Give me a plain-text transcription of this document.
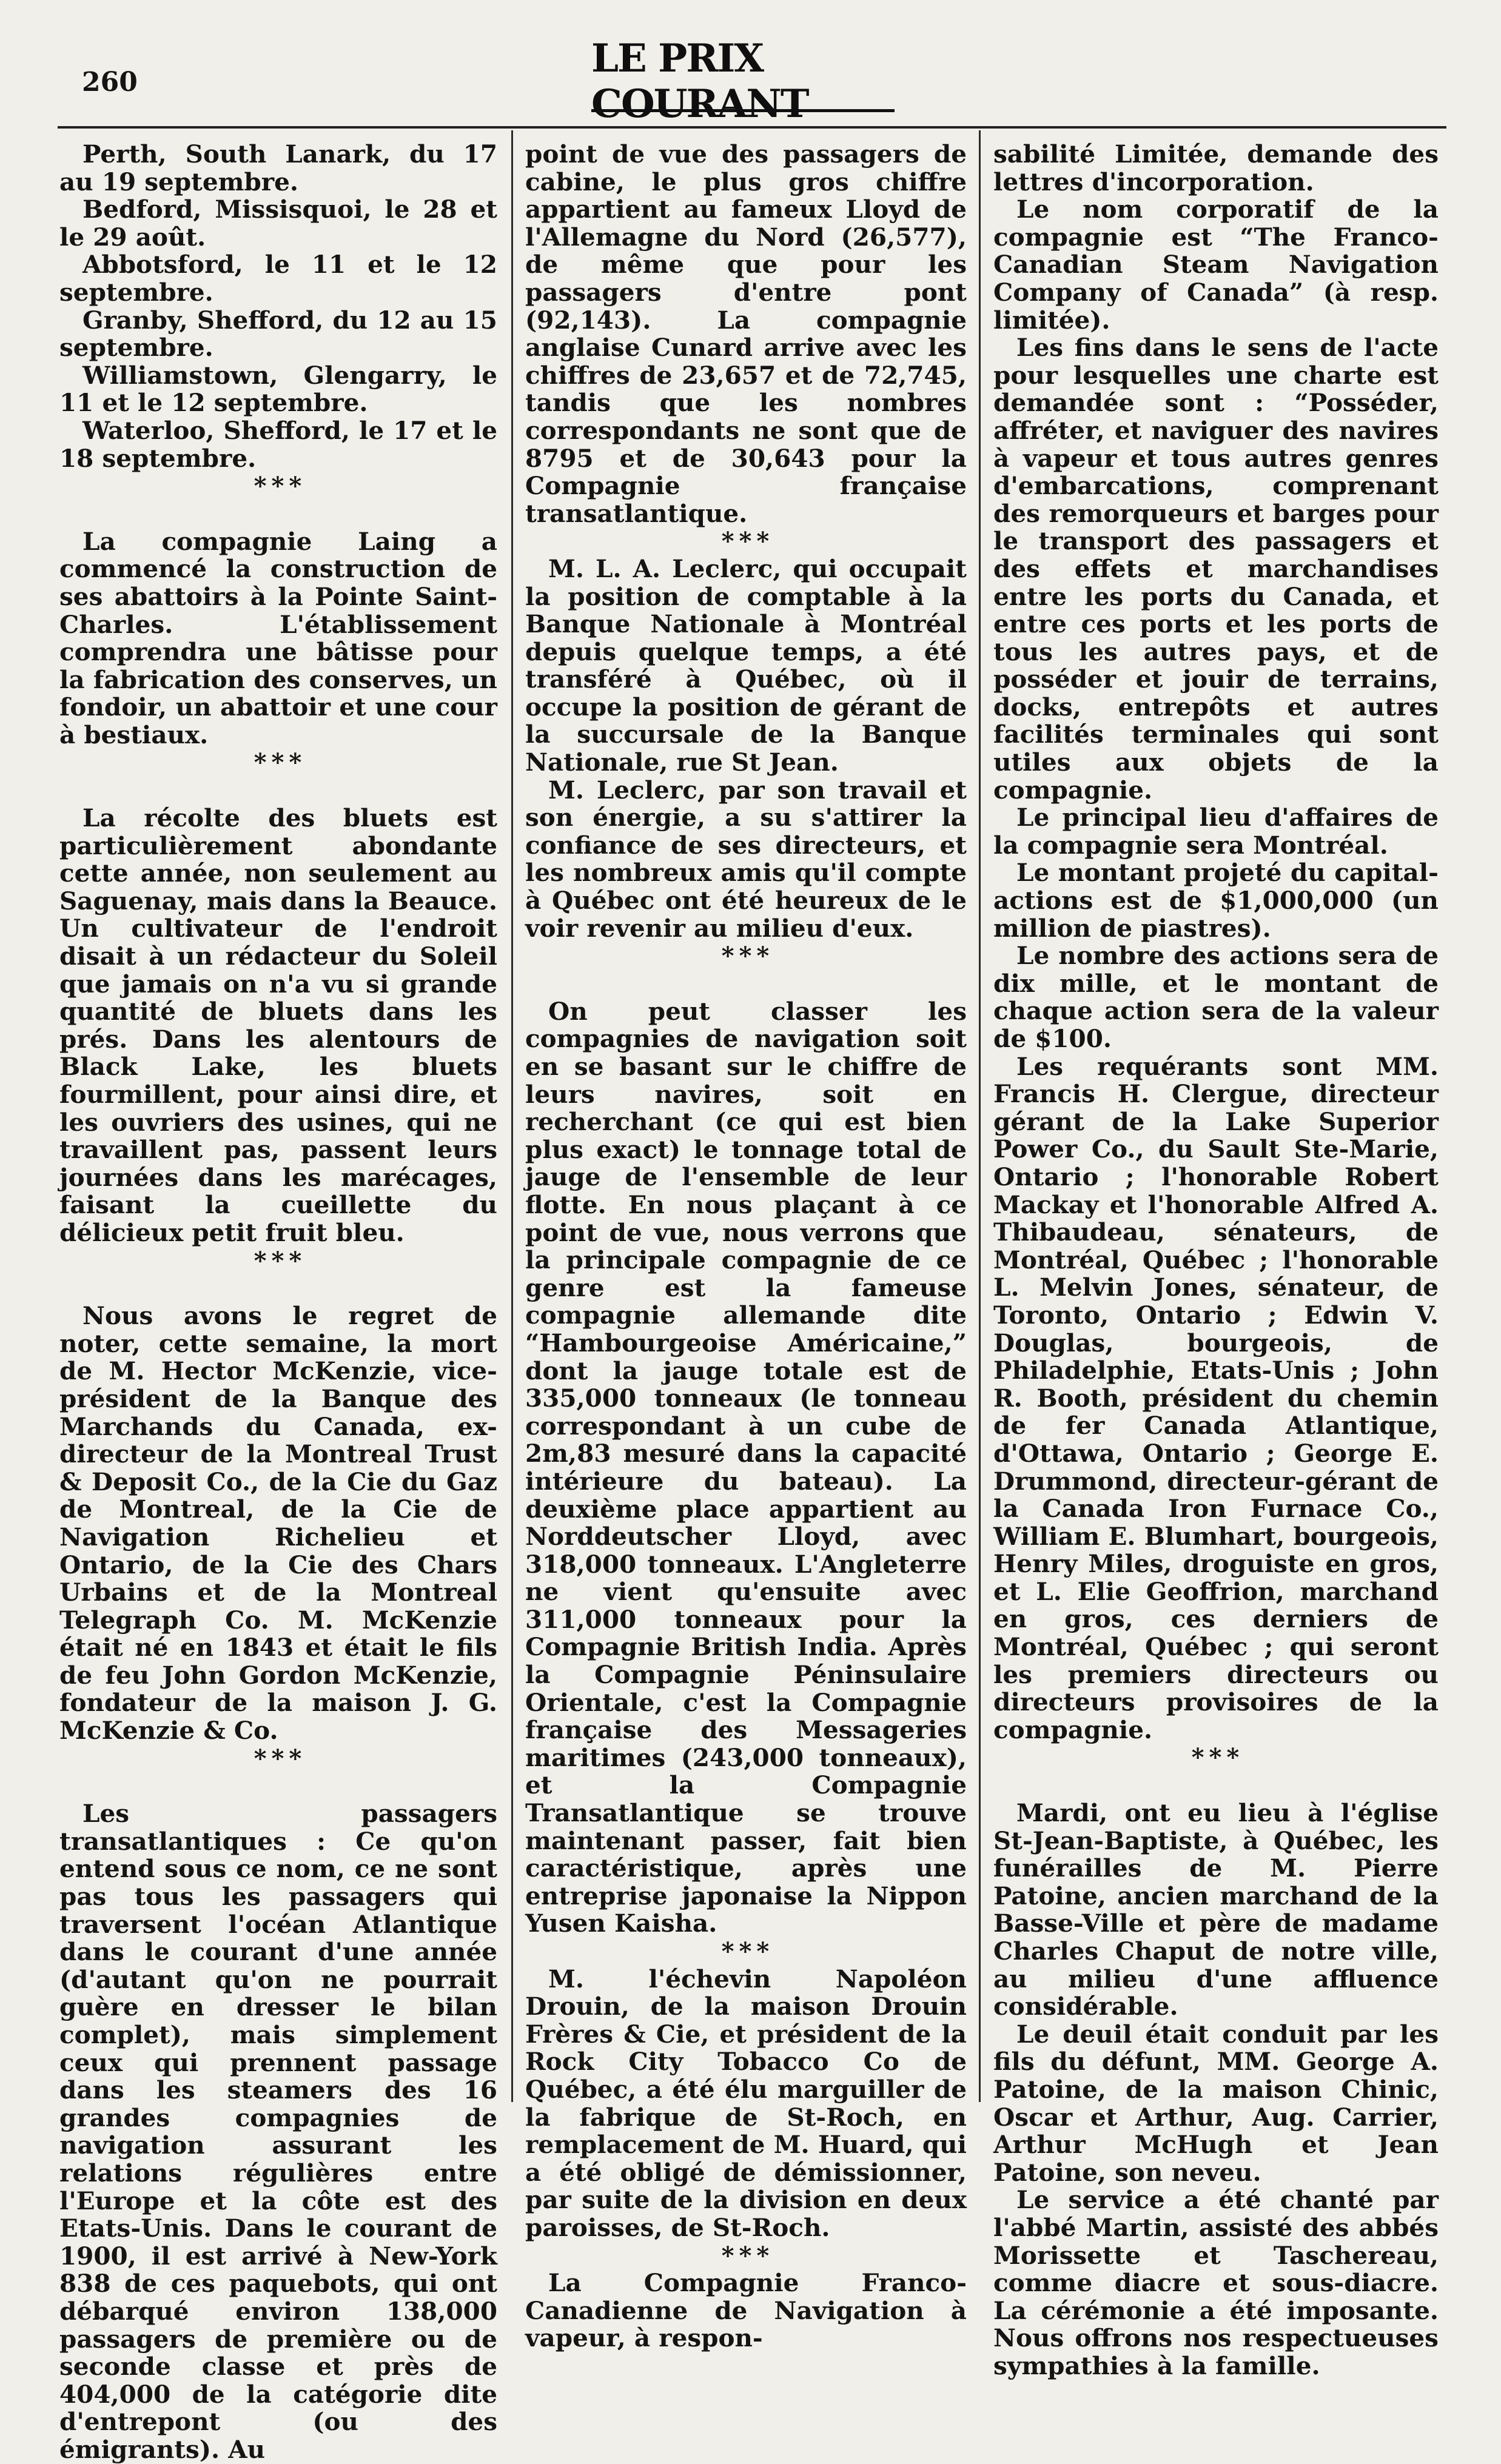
260
LE PRIX COURANT

Perth, South Lanark, du 17 au 19 septembre.

Bedford, Missisquoi, le 28 et le 29 août.

Abbotsford, le 11 et le 12 septembre.

Granby, Shefford, du 12 au 15 septembre.

Williamstown, Glengarry, le 11 et le 12 septembre.

Waterloo, Shefford, le 17 et le 18 septembre.

* * *

La compagnie Laing a commencé la construction de ses abattoirs à la Pointe Saint-Charles. L'établissement comprendra une bâtisse pour la fabrication des conserves, un fondoir, un abattoir et une cour à bestiaux.

* * *

La récolte des bluets est particulièrement abondante cette année, non seulement au Saguenay, mais dans la Beauce. Un cultivateur de l'endroit disait à un rédacteur du Soleil que jamais on n'a vu si grande quantité de bluets dans les prés. Dans les alentours de Black Lake, les bluets fourmillent, pour ainsi dire, et les ouvriers des usines, qui ne travaillent pas, passent leurs journées dans les marécages, faisant la cueillette du délicieux petit fruit bleu.

* * *

Nous avons le regret de noter, cette semaine, la mort de M. Hector McKenzie, vice-président de la Banque des Marchands du Canada, ex-directeur de la Montreal Trust & Deposit Co., de la Cie du Gaz de Montreal, de la Cie de Navigation Richelieu et Ontario, de la Cie des Chars Urbains et de la Montreal Telegraph Co. M. McKenzie était né en 1843 et était le fils de feu John Gordon McKenzie, fondateur de la maison J. G. McKenzie & Co.

* * *

Les passagers transatlantiques : Ce qu'on entend sous ce nom, ce ne sont pas tous les passagers qui traversent l'océan Atlantique dans le courant d'une année (d'autant qu'on ne pourrait guère en dresser le bilan complet), mais simplement ceux qui prennent passage dans les steamers des 16 grandes compagnies de navigation assurant les relations régulières entre l'Europe et la côte est des Etats-Unis. Dans le courant de 1900, il est arrivé à New-York 838 de ces paquebots, qui ont débarqué environ 138,000 passagers de première ou de seconde classe et près de 404,000 de la catégorie dite d'entrepont (ou des émigrants). Au

point de vue des passagers de cabine, le plus gros chiffre appartient au fameux Lloyd de l'Allemagne du Nord (26,577), de même que pour les passagers d'entre pont (92,143). La compagnie anglaise Cunard arrive avec les chiffres de 23,657 et de 72,745, tandis que les nombres correspondants ne sont que de 8795 et de 30,643 pour la Compagnie française transatlantique.

* * *

M. L. A. Leclerc, qui occupait la position de comptable à la Banque Nationale à Montréal depuis quelque temps, a été transféré à Québec, où il occupe la position de gérant de la succursale de la Banque Nationale, rue St Jean.

M. Leclerc, par son travail et son énergie, a su s'attirer la confiance de ses directeurs, et les nombreux amis qu'il compte à Québec ont été heureux de le voir revenir au milieu d'eux.

* * *

On peut classer les compagnies de navigation soit en se basant sur le chiffre de leurs navires, soit en recherchant (ce qui est bien plus exact) le tonnage total de jauge de l'ensemble de leur flotte. En nous plaçant à ce point de vue, nous verrons que la principale compagnie de ce genre est la fameuse compagnie allemande dite “Hambourgeoise Américaine,” dont la jauge totale est de 335,000 tonneaux (le tonneau correspondant à un cube de 2m,83 mesuré dans la capacité intérieure du bateau). La deuxième place appartient au Norddeutscher Lloyd, avec 318,000 tonneaux. L'Angleterre ne vient qu'ensuite avec 311,000 tonneaux pour la Compagnie British India. Après la Compagnie Péninsulaire Orientale, c'est la Compagnie française des Messageries maritimes (243,000 tonneaux), et la Compagnie Transatlantique se trouve maintenant passer, fait bien caractéristique, après une entreprise japonaise la Nippon Yusen Kaisha.

* * *

M. l'échevin Napoléon Drouin, de la maison Drouin Frères & Cie, et président de la Rock City Tobacco Co de Québec, a été élu marguiller de la fabrique de St-Roch, en remplacement de M. Huard, qui a été obligé de démissionner, par suite de la division en deux paroisses, de St-Roch.

* * *

La Compagnie Franco-Canadienne de Navigation à vapeur, à respon-

sabilité Limitée, demande des lettres d'incorporation.

Le nom corporatif de la compagnie est “The Franco-Canadian Steam Navigation Company of Canada” (à resp. limitée).

Les fins dans le sens de l'acte pour lesquelles une charte est demandée sont : “Posséder, affréter, et naviguer des navires à vapeur et tous autres genres d'embarcations, comprenant des remorqueurs et barges pour le transport des passagers et des effets et marchandises entre les ports du Canada, et entre ces ports et les ports de tous les autres pays, et de posséder et jouir de terrains, docks, entrepôts et autres facilités terminales qui sont utiles aux objets de la compagnie.

Le principal lieu d'affaires de la compagnie sera Montréal.

Le montant projeté du capital-actions est de $1,000,000 (un million de piastres).

Le nombre des actions sera de dix mille, et le montant de chaque action sera de la valeur de $100.

Les requérants sont MM. Francis H. Clergue, directeur gérant de la Lake Superior Power Co., du Sault Ste-Marie, Ontario ; l'honorable Robert Mackay et l'honorable Alfred A. Thibaudeau, sénateurs, de Montréal, Québec ; l'honorable L. Melvin Jones, sénateur, de Toronto, Ontario ; Edwin V. Douglas, bourgeois, de Philadelphie, Etats-Unis ; John R. Booth, président du chemin de fer Canada Atlantique, d'Ottawa, Ontario ; George E. Drummond, directeur-gérant de la Canada Iron Furnace Co., William E. Blumhart, bourgeois, Henry Miles, droguiste en gros, et L. Elie Geoffrion, marchand en gros, ces derniers de Montréal, Québec ; qui seront les premiers directeurs ou directeurs provisoires de la compagnie.

* * *

Mardi, ont eu lieu à l'église St-Jean-Baptiste, à Québec, les funérailles de M. Pierre Patoine, ancien marchand de la Basse-Ville et père de madame Charles Chaput de notre ville, au milieu d'une affluence considérable.

Le deuil était conduit par les fils du défunt, MM. George A. Patoine, de la maison Chinic, Oscar et Arthur, Aug. Carrier, Arthur McHugh et Jean Patoine, son neveu.

Le service a été chanté par l'abbé Martin, assisté des abbés Morissette et Taschereau, comme diacre et sous-diacre. La cérémonie a été imposante. Nous offrons nos respectueuses sympathies à la famille.
